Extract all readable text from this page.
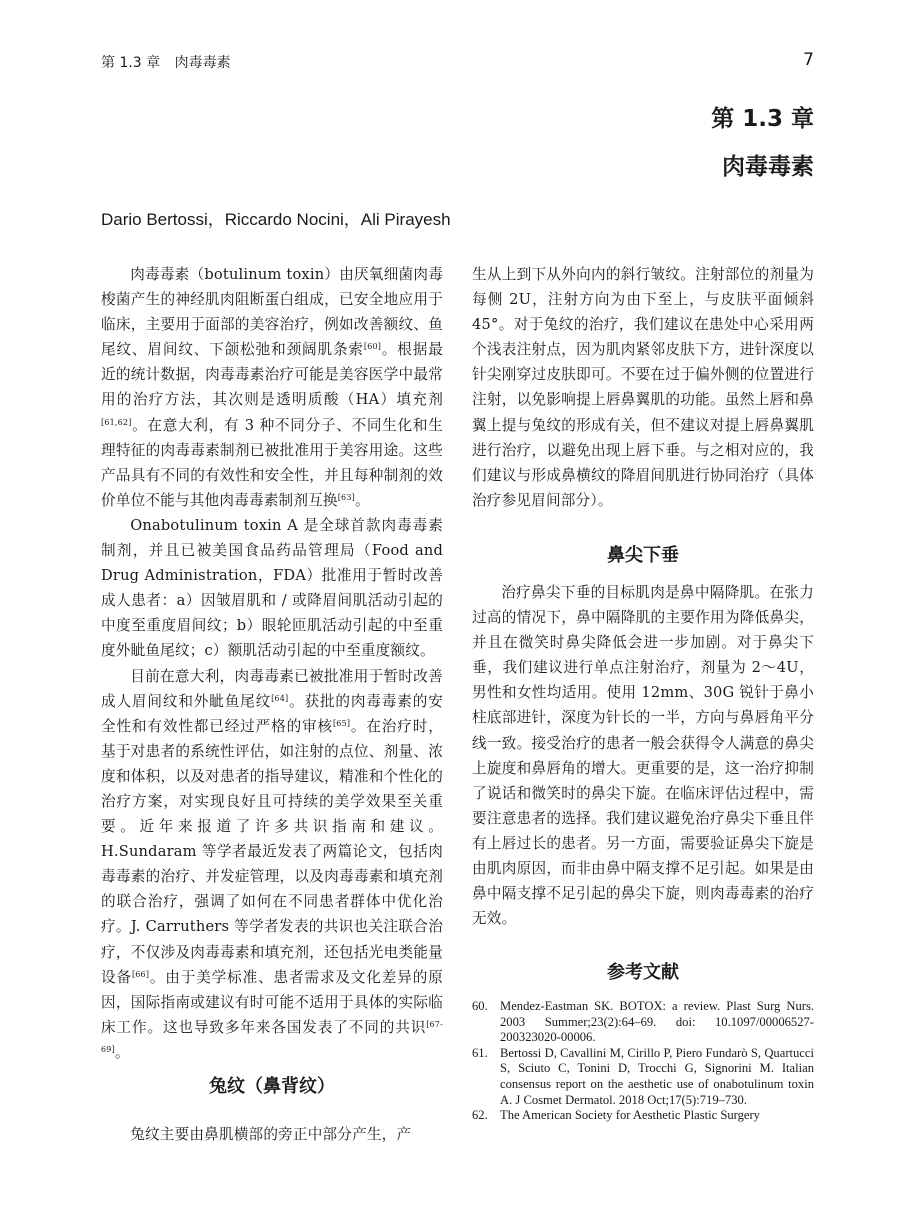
第 1.3 章 肉毒毒素	7
第 1.3 章
肉毒毒素
Dario Bertossi，Riccardo Nocini，Ali Pirayesh

肉毒毒素（botulinum toxin）由厌氧细菌肉毒梭菌产生的神经肌肉阻断蛋白组成，已安全地应用于临床，主要用于面部的美容治疗，例如改善额纹、鱼尾纹、眉间纹、下颌松弛和颈阔肌条索[60]。根据最近的统计数据，肉毒毒素治疗可能是美容医学中最常用的治疗方法，其次则是透明质酸（HA）填充剂[61,62]。在意大利，有 3 种不同分子、不同生化和生理特征的肉毒毒素制剂已被批准用于美容用途。这些产品具有不同的有效性和安全性，并且每种制剂的效价单位不能与其他肉毒毒素制剂互换[63]。

Onabotulinum toxin A 是全球首款肉毒毒素制剂，并且已被美国食品药品管理局（Food and Drug Administration，FDA）批准用于暂时改善成人患者：a）因皱眉肌和 / 或降眉间肌活动引起的中度至重度眉间纹；b）眼轮匝肌活动引起的中至重度外眦鱼尾纹；c）额肌活动引起的中至重度额纹。

目前在意大利，肉毒毒素已被批准用于暂时改善成人眉间纹和外眦鱼尾纹[64]。获批的肉毒毒素的安全性和有效性都已经过严格的审核[65]。在治疗时，基于对患者的系统性评估，如注射的点位、剂量、浓度和体积，以及对患者的指导建议，精准和个性化的治疗方案，对实现良好且可持续的美学效果至关重要。近年来报道了许多共识指南和建议。H.Sundaram 等学者最近发表了两篇论文，包括肉毒毒素的治疗、并发症管理，以及肉毒毒素和填充剂的联合治疗，强调了如何在不同患者群体中优化治疗。J. Carruthers 等学者发表的共识也关注联合治疗，不仅涉及肉毒毒素和填充剂，还包括光电类能量设备[66]。由于美学标准、患者需求及文化差异的原因，国际指南或建议有时可能不适用于具体的实际临床工作。这也导致多年来各国发表了不同的共识[67-69]。

兔纹（鼻背纹）

兔纹主要由鼻肌横部的旁正中部分产生，产

生从上到下从外向内的斜行皱纹。注射部位的剂量为每侧 2U，注射方向为由下至上，与皮肤平面倾斜 45°。对于兔纹的治疗，我们建议在患处中心采用两个浅表注射点，因为肌肉紧邻皮肤下方，进针深度以针尖刚穿过皮肤即可。不要在过于偏外侧的位置进行注射，以免影响提上唇鼻翼肌的功能。虽然上唇和鼻翼上提与兔纹的形成有关，但不建议对提上唇鼻翼肌进行治疗，以避免出现上唇下垂。与之相对应的，我们建议与形成鼻横纹的降眉间肌进行协同治疗（具体治疗参见眉间部分）。

鼻尖下垂

治疗鼻尖下垂的目标肌肉是鼻中隔降肌。在张力过高的情况下，鼻中隔降肌的主要作用为降低鼻尖，并且在微笑时鼻尖降低会进一步加剧。对于鼻尖下垂，我们建议进行单点注射治疗，剂量为 2～4U，男性和女性均适用。使用 12mm、30G 锐针于鼻小柱底部进针，深度为针长的一半，方向与鼻唇角平分线一致。接受治疗的患者一般会获得令人满意的鼻尖上旋度和鼻唇角的增大。更重要的是，这一治疗抑制了说话和微笑时的鼻尖下旋。在临床评估过程中，需要注意患者的选择。我们建议避免治疗鼻尖下垂且伴有上唇过长的患者。另一方面，需要验证鼻尖下旋是由肌肉原因，而非由鼻中隔支撑不足引起。如果是由鼻中隔支撑不足引起的鼻尖下旋，则肉毒毒素的治疗无效。

参考文献
60. Mendez-Eastman SK. BOTOX: a review. Plast Surg Nurs. 2003 Summer;23(2):64–69. doi: 10.1097/00006527-200323020-00006.
61. Bertossi D, Cavallini M, Cirillo P, Piero Fundarò S, Quartucci S, Sciuto C, Tonini D, Trocchi G, Signorini M. Italian consensus report on the aesthetic use of onabotulinum toxin A. J Cosmet Dermatol. 2018 Oct;17(5):719–730.
62. The American Society for Aesthetic Plastic Surgery
